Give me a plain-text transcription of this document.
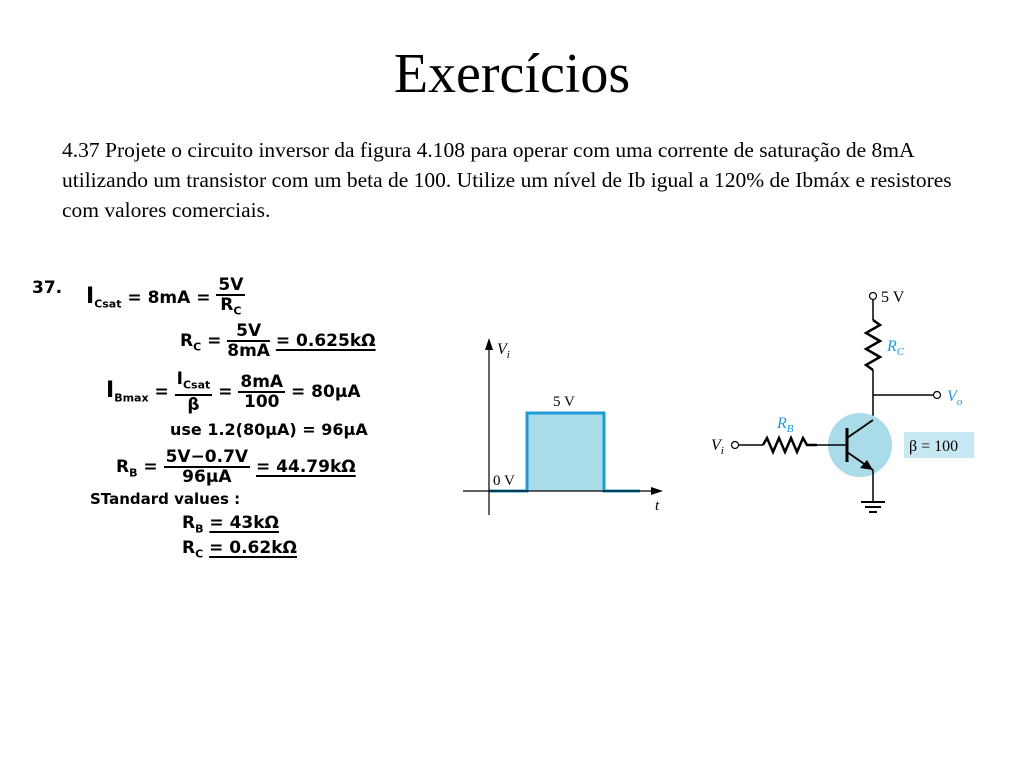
Exercícios

4.37 Projete o circuito inversor da figura 4.108 para operar com uma corrente de saturação de 8mA utilizando um transistor com um beta de 100. Utilize um nível de Ib igual a 120% de Ibmáx e resistores com valores comerciais.

37. $I_{Csat} = 8mA = \frac{5V}{R_C}$
$R_C = \frac{5V}{8mA} = 0.625k\Omega$
$I_{Bmax} = \frac{I_{Csat}}{\beta} = \frac{8mA}{100} = 80\mu A$
use 1.2(80μA) = 96μA
$R_B = \frac{5V-0.7V}{96\mu A} = 44.79k\Omega$
STandard values :
$R_B = 43k\Omega$
$R_C = 0.62k\Omega$
$V_i$
t
5 V
0 V
5 V
$R_C$
$V_o$
$V_i$
$R_B$
β = 100
